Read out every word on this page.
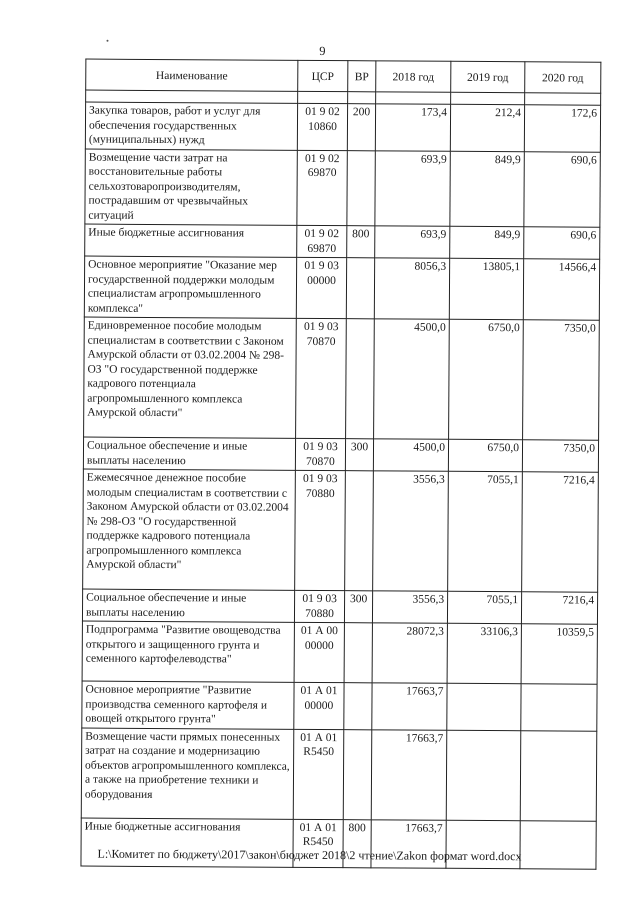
9
Наименование	ЦСР	ВР	2018 год	2019 год	2020 год

Закупка товаров, работ и услуг для обеспечения государственных (муниципальных) нужд	01 9 02 10860	200	173,4	212,4	172,6
Возмещение части затрат на восстановительные работы сельхозтоваропроизводителям, пострадавшим от чрезвычайных ситуаций	01 9 02 69870		693,9	849,9	690,6
Иные бюджетные ассигнования	01 9 02 69870	800	693,9	849,9	690,6
Основное мероприятие "Оказание мер государственной поддержки молодым специалистам агропромышленного комплекса"	01 9 03 00000		8056,3	13805,1	14566,4
Единовременное пособие молодым специалистам в соответствии с Законом Амурской области от 03.02.2004 № 298-ОЗ "О государственной поддержке кадрового потенциала агропромышленного комплекса Амурской области"	01 9 03 70870		4500,0	6750,0	7350,0
Социальное обеспечение и иные выплаты населению	01 9 03 70870	300	4500,0	6750,0	7350,0
Ежемесячное денежное пособие молодым специалистам в соответствии с Законом Амурской области от 03.02.2004 № 298-ОЗ "О государственной поддержке кадрового потенциала агропромышленного комплекса Амурской области"	01 9 03 70880		3556,3	7055,1	7216,4
Социальное обеспечение и иные выплаты населению	01 9 03 70880	300	3556,3	7055,1	7216,4
Подпрограмма "Развитие овощеводства открытого и защищенного грунта и семенного картофелеводства"	01 А 00 00000		28072,3	33106,3	10359,5
Основное мероприятие "Развитие производства семенного картофеля и овощей открытого грунта"	01 А 01 00000		17663,7		
Возмещение части прямых понесенных затрат на создание и модернизацию объектов агропромышленного комплекса, а также на приобретение техники и оборудования	01 А 01 R5450		17663,7		
Иные бюджетные ассигнования	01 А 01 R5450	800	17663,7		
L:\Комитет по бюджету\2017\закон\бюджет 2018\2 чтение\Zakon формат word.docx
